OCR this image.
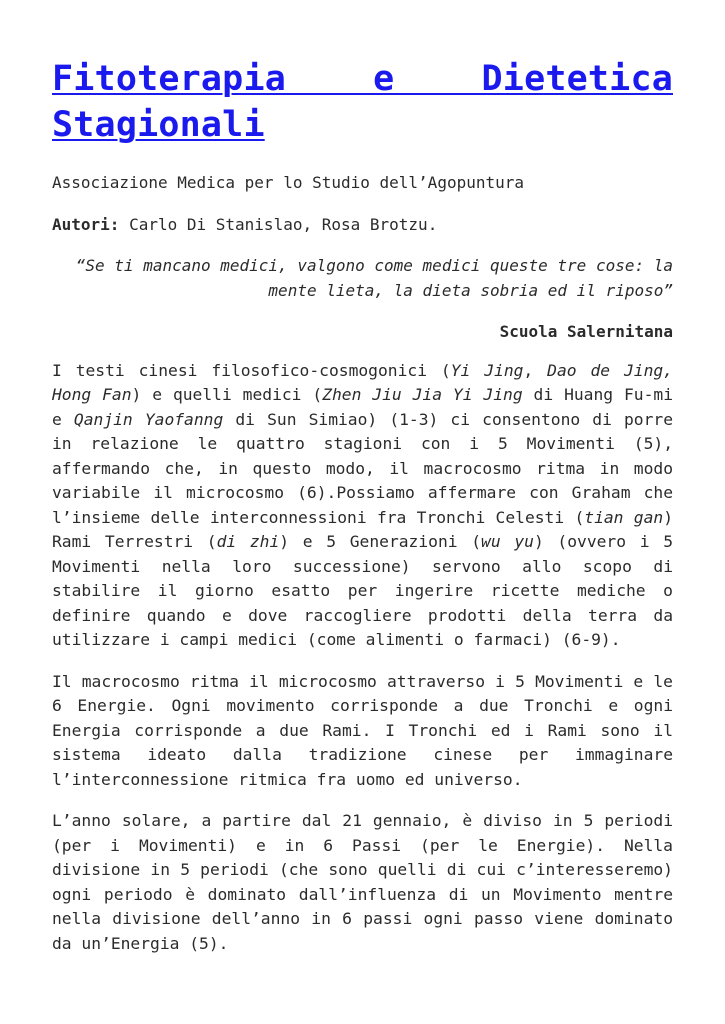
Fitoterapia e Dietetica Stagionali

Associazione Medica per lo Studio dell’Agopuntura

Autori: Carlo Di Stanislao, Rosa Brotzu.

“Se ti mancano medici, valgono come medici queste tre cose: la
mente lieta, la dieta sobria ed il riposo”

Scuola Salernitana

I testi cinesi filosofico-cosmogonici (Yi Jing, Dao de Jing, Hong Fan) e quelli medici (Zhen Jiu Jia Yi Jing di Huang Fu-mi e Qanjin Yaofanng di Sun Simiao) (1-3) ci consentono di porre in relazione le quattro stagioni con i 5 Movimenti (5), affermando che, in questo modo, il macrocosmo ritma in modo variabile il microcosmo (6).Possiamo affermare con Graham che l’insieme delle interconnessioni fra Tronchi Celesti (tian gan) Rami Terrestri (di zhi) e 5 Generazioni (wu yu) (ovvero i 5 Movimenti nella loro successione) servono allo scopo di stabilire il giorno esatto per ingerire ricette mediche o definire quando e dove raccogliere prodotti della terra da utilizzare i campi medici (come alimenti o farmaci) (6-9).

Il macrocosmo ritma il microcosmo attraverso i 5 Movimenti e le 6 Energie. Ogni movimento corrisponde a due Tronchi e ogni Energia corrisponde a due Rami. I Tronchi ed i Rami sono il sistema ideato dalla tradizione cinese per immaginare l’interconnessione ritmica fra uomo ed universo.

L’anno solare, a partire dal 21 gennaio, è diviso in 5 periodi (per i Movimenti) e in 6 Passi (per le Energie). Nella divisione in 5 periodi (che sono quelli di cui c’interesseremo) ogni periodo è dominato dall’influenza di un Movimento mentre nella divisione dell’anno in 6 passi ogni passo viene dominato da un’Energia (5).
